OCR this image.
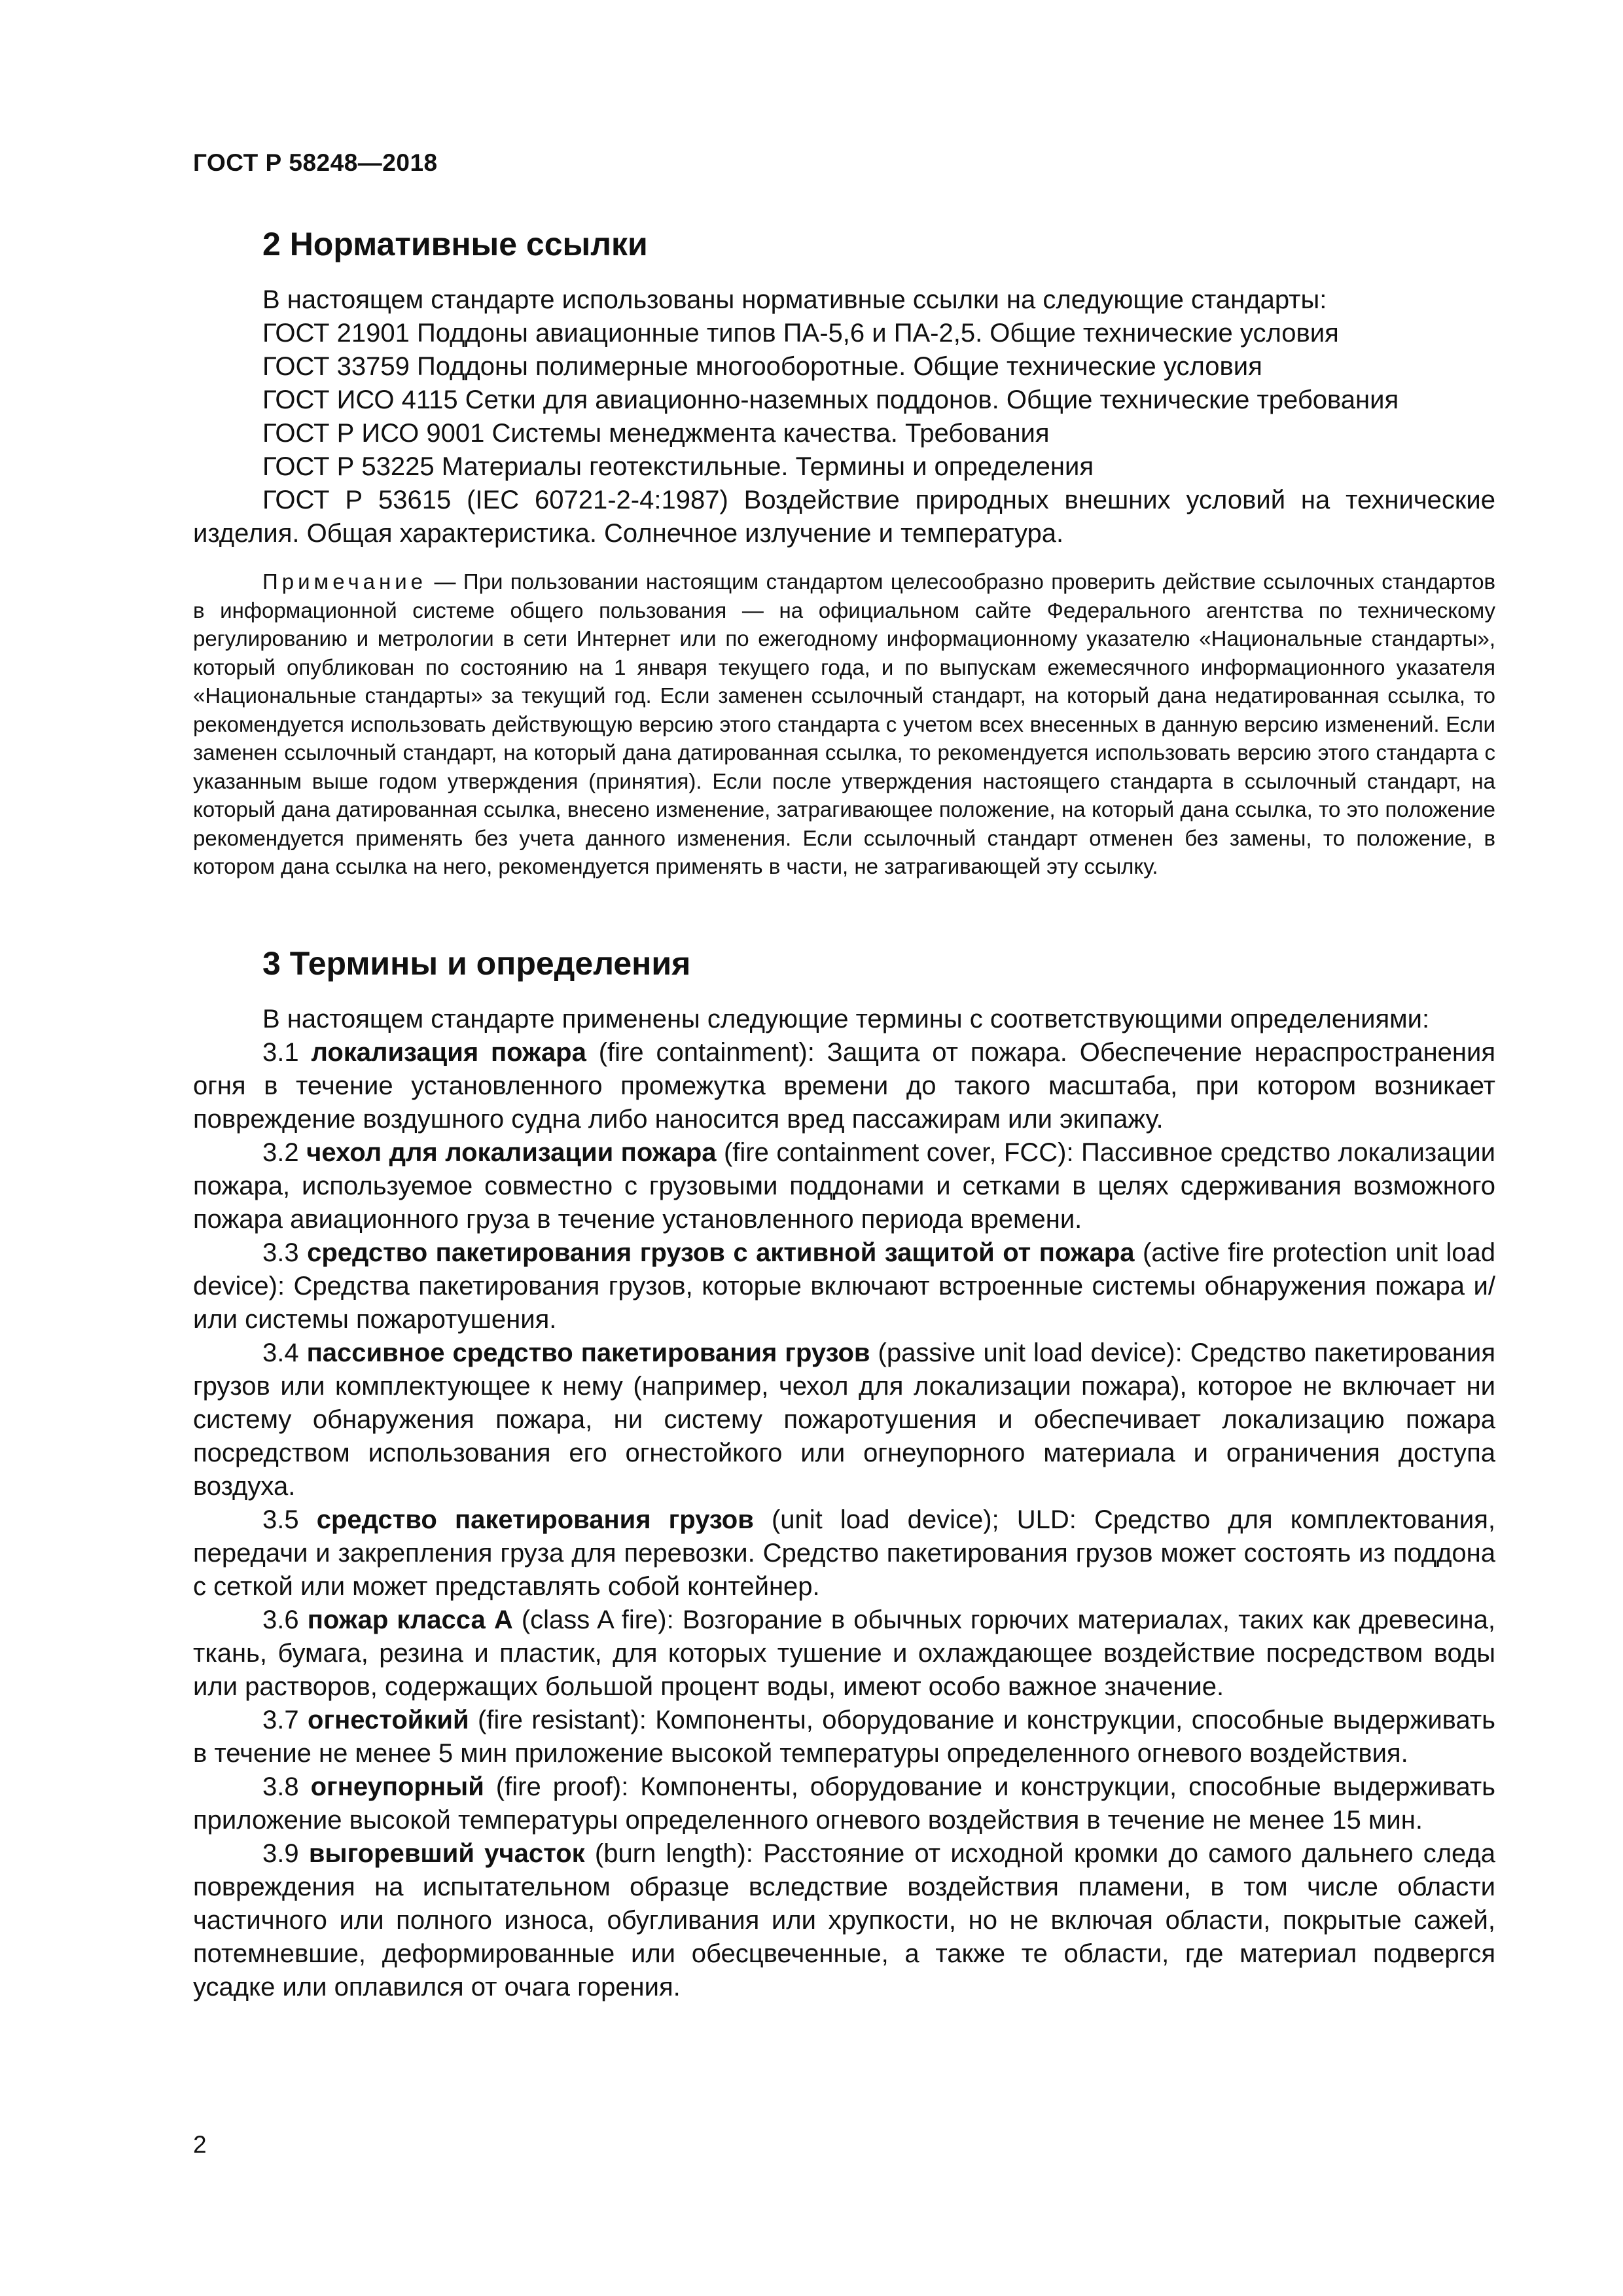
ГОСТ Р 58248—2018
2 Нормативные ссылки

В настоящем стандарте использованы нормативные ссылки на следующие стандарты:

ГОСТ 21901 Поддоны авиационные типов ПА-5,6 и ПА-2,5. Общие технические условия

ГОСТ 33759 Поддоны полимерные многооборотные. Общие технические условия

ГОСТ ИСО 4115 Сетки для авиационно-наземных поддонов. Общие технические требования

ГОСТ Р ИСО 9001 Системы менеджмента качества. Требования

ГОСТ Р 53225 Материалы геотекстильные. Термины и определения

ГОСТ Р 53615 (IEC 60721-2-4:1987) Воздействие природных внешних условий на технические изделия. Общая характеристика. Солнечное излучение и температура.

Примечание — При пользовании настоящим стандартом целесообразно проверить действие ссылочных стандартов в информационной системе общего пользования — на официальном сайте Федерального агентства по техническому регулированию и метрологии в сети Интернет или по ежегодному информационному указателю «Национальные стандарты», который опубликован по состоянию на 1 января текущего года, и по выпускам ежемесячного информационного указателя «Национальные стандарты» за текущий год. Если заменен ссылочный стандарт, на который дана недатированная ссылка, то рекомендуется использовать действующую версию этого стандарта с учетом всех внесенных в данную версию изменений. Если заменен ссылочный стандарт, на который дана датированная ссылка, то рекомендуется использовать версию этого стандарта с указанным выше годом утверждения (принятия). Если после утверждения настоящего стандарта в ссылочный стандарт, на который дана датированная ссылка, внесено изменение, затрагивающее положение, на который дана ссылка, то это положение рекомендуется применять без учета данного изменения. Если ссылочный стандарт отменен без замены, то положение, в котором дана ссылка на него, рекомендуется применять в части, не затрагивающей эту ссылку.

3 Термины и определения

В настоящем стандарте применены следующие термины с соответствующими определениями:

3.1 локализация пожара (fire containment): Защита от пожара. Обеспечение нераспространения огня в течение установленного промежутка времени до такого масштаба, при котором возникает повреждение воздушного судна либо наносится вред пассажирам или экипажу.

3.2 чехол для локализации пожара (fire containment cover, FCC): Пассивное средство локализации пожара, используемое совместно с грузовыми поддонами и сетками в целях сдерживания возможного пожара авиационного груза в течение установленного периода времени.

3.3 средство пакетирования грузов с активной защитой от пожара (active fire protection unit load device): Средства пакетирования грузов, которые включают встроенные системы обнаружения пожара и/или системы пожаротушения.

3.4 пассивное средство пакетирования грузов (passive unit load device): Средство пакетирования грузов или комплектующее к нему (например, чехол для локализации пожара), которое не включает ни систему обнаружения пожара, ни систему пожаротушения и обеспечивает локализацию пожара посредством использования его огнестойкого или огнеупорного материала и ограничения доступа воздуха.

3.5 средство пакетирования грузов (unit load device); ULD: Средство для комплектования, передачи и закрепления груза для перевозки. Средство пакетирования грузов может состоять из поддона с сеткой или может представлять собой контейнер.

3.6 пожар класса А (class A fire): Возгорание в обычных горючих материалах, таких как древесина, ткань, бумага, резина и пластик, для которых тушение и охлаждающее воздействие посредством воды или растворов, содержащих большой процент воды, имеют особо важное значение.

3.7 огнестойкий (fire resistant): Компоненты, оборудование и конструкции, способные выдерживать в течение не менее 5 мин приложение высокой температуры определенного огневого воздействия.

3.8 огнеупорный (fire proof): Компоненты, оборудование и конструкции, способные выдерживать приложение высокой температуры определенного огневого воздействия в течение не менее 15 мин.

3.9 выгоревший участок (burn length): Расстояние от исходной кромки до самого дальнего следа повреждения на испытательном образце вследствие воздействия пламени, в том числе области частичного или полного износа, обугливания или хрупкости, но не включая области, покрытые сажей, потемневшие, деформированные или обесцвеченные, а также те области, где материал подвергся усадке или оплавился от очага горения.

2
